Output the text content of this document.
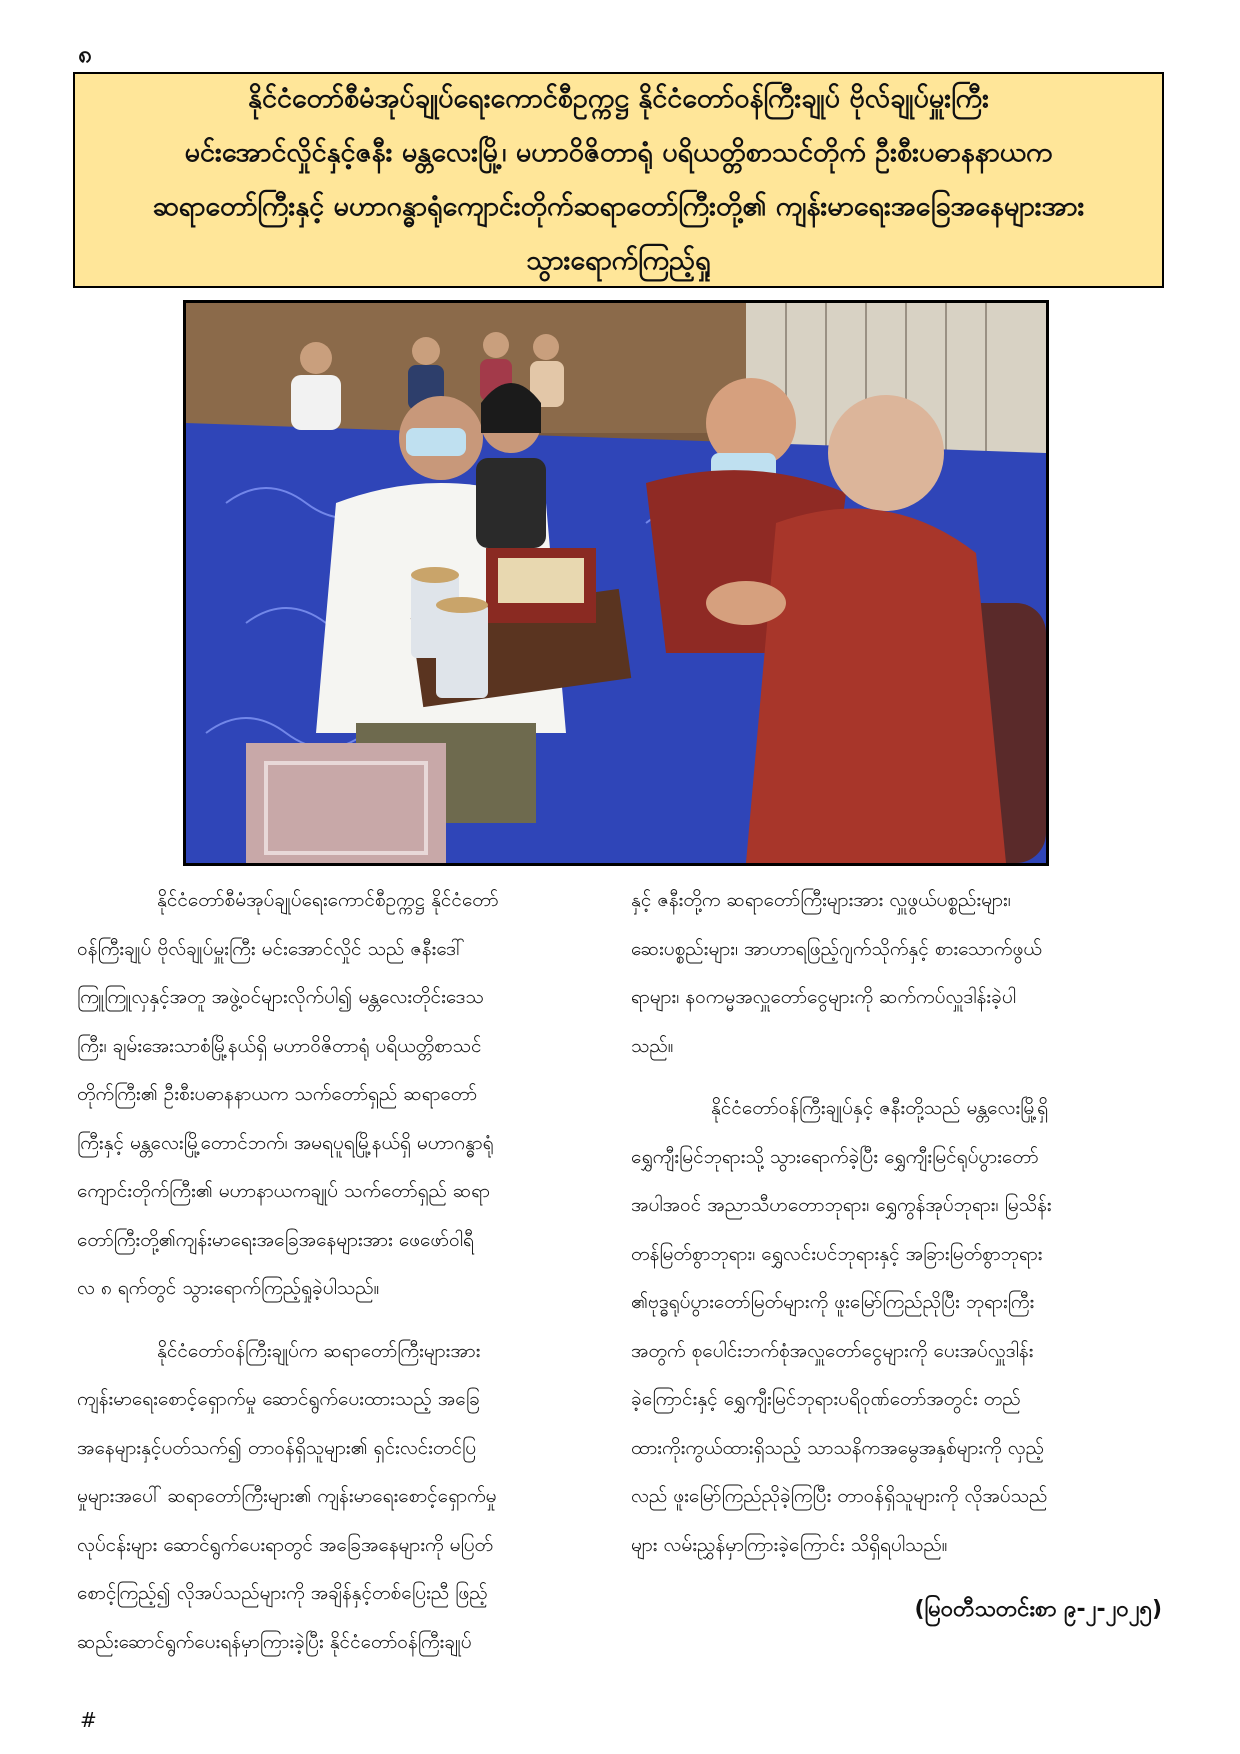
၈
နိုင်ငံတော်စီမံအုပ်ချုပ်ရေးကောင်စီဥက္ကဋ္ဌ နိုင်ငံတော်ဝန်ကြီးချုပ် ဗိုလ်ချုပ်မှူးကြီး
မင်းအောင်လှိုင်နှင့်ဇနီး မန္တလေးမြို့၊ မဟာဝိဇိတာရုံ ပရိယတ္တိစာသင်တိုက် ဦးစီးပဓာနနာယက
ဆရာတော်ကြီးနှင့် မဟာဂန္ဓာရုံကျောင်းတိုက်ဆရာတော်ကြီးတို့၏ ကျန်းမာရေးအခြေအနေများအား
သွားရောက်ကြည့်ရှု
နိုင်ငံတော်စီမံအုပ်ချုပ်ရေးကောင်စီဥက္ကဋ္ဌ နိုင်ငံတော်
ဝန်ကြီးချုပ် ဗိုလ်ချုပ်မှူးကြီး မင်းအောင်လှိုင် သည် ဇနီးဒေါ်
ကြူကြူလှနှင့်အတူ အဖွဲ့ဝင်များလိုက်ပါ၍ မန္တလေးတိုင်းဒေသ
ကြီး၊ ချမ်းအေးသာစံမြို့နယ်ရှိ မဟာဝိဇိတာရုံ ပရိယတ္တိစာသင်
တိုက်ကြီး၏ ဦးစီးပဓာနနာယက သက်တော်ရှည် ဆရာတော်
ကြီးနှင့် မန္တလေးမြို့တောင်ဘက်၊ အမရပူရမြို့နယ်ရှိ မဟာဂန္ဓာရုံ
ကျောင်းတိုက်ကြီး၏ မဟာနာယကချုပ် သက်တော်ရှည် ဆရာ
တော်ကြီးတို့၏ကျန်းမာရေးအခြေအနေများအား ဖေဖော်ဝါရီ
လ ၈ ရက်တွင် သွားရောက်ကြည့်ရှုခဲ့ပါသည်။
နိုင်ငံတော်ဝန်ကြီးချုပ်က ဆရာတော်ကြီးများအား
ကျန်းမာရေးစောင့်ရှောက်မှု ဆောင်ရွက်ပေးထားသည့် အခြေ
အနေများနှင့်ပတ်သက်၍ တာဝန်ရှိသူများ၏ ရှင်းလင်းတင်ပြ
မှုများအပေါ် ဆရာတော်ကြီးများ၏ ကျန်းမာရေးစောင့်ရှောက်မှု
လုပ်ငန်းများ ဆောင်ရွက်ပေးရာတွင် အခြေအနေများကို မပြတ်
စောင့်ကြည့်၍ လိုအပ်သည်များကို အချိန်နှင့်တစ်ပြေးညီ ဖြည့်
ဆည်းဆောင်ရွက်ပေးရန်မှာကြားခဲ့ပြီး နိုင်ငံတော်ဝန်ကြီးချုပ်
နှင့် ဇနီးတို့က ဆရာတော်ကြီးများအား လှူဖွယ်ပစ္စည်းများ၊
ဆေးပစ္စည်းများ၊ အာဟာရဖြည့်ဂျက်သိုက်နှင့် စားသောက်ဖွယ်
ရာများ၊ နဝကမ္မအလှူတော်ငွေများကို ဆက်ကပ်လှူဒါန်းခဲ့ပါ
သည်။
နိုင်ငံတော်ဝန်ကြီးချုပ်နှင့် ဇနီးတို့သည် မန္တလေးမြို့ရှိ
ရွှေကျီးမြင်ဘုရားသို့ သွားရောက်ခဲ့ပြီး ရွှေကျီးမြင်ရုပ်ပွားတော်
အပါအဝင် အညာသီဟတောဘုရား၊ ရွှေကွန်အုပ်ဘုရား၊ မြသိန်း
တန်မြတ်စွာဘုရား၊ ရွှေလင်းပင်ဘုရားနှင့် အခြားမြတ်စွာဘုရား
၏ဗုဒ္ဓရုပ်ပွားတော်မြတ်များကို ဖူးမြော်ကြည်ညိုပြီး ဘုရားကြီး
အတွက် စုပေါင်းဘက်စုံအလှူတော်ငွေများကို ပေးအပ်လှူဒါန်း
ခဲ့ကြောင်းနှင့် ရွှေကျီးမြင်ဘုရားပရိဝုဏ်တော်အတွင်း တည်
ထားကိုးကွယ်ထားရှိသည့် သာသနိကအမွေအနှစ်များကို လှည့်
လည် ဖူးမြော်ကြည်ညိုခဲ့ကြပြီး တာဝန်ရှိသူများကို လိုအပ်သည်
များ လမ်းညွှန်မှာကြားခဲ့ကြောင်း သိရှိရပါသည်။
(မြဝတီသတင်းစာ ၉-၂-၂၀၂၅)
#
